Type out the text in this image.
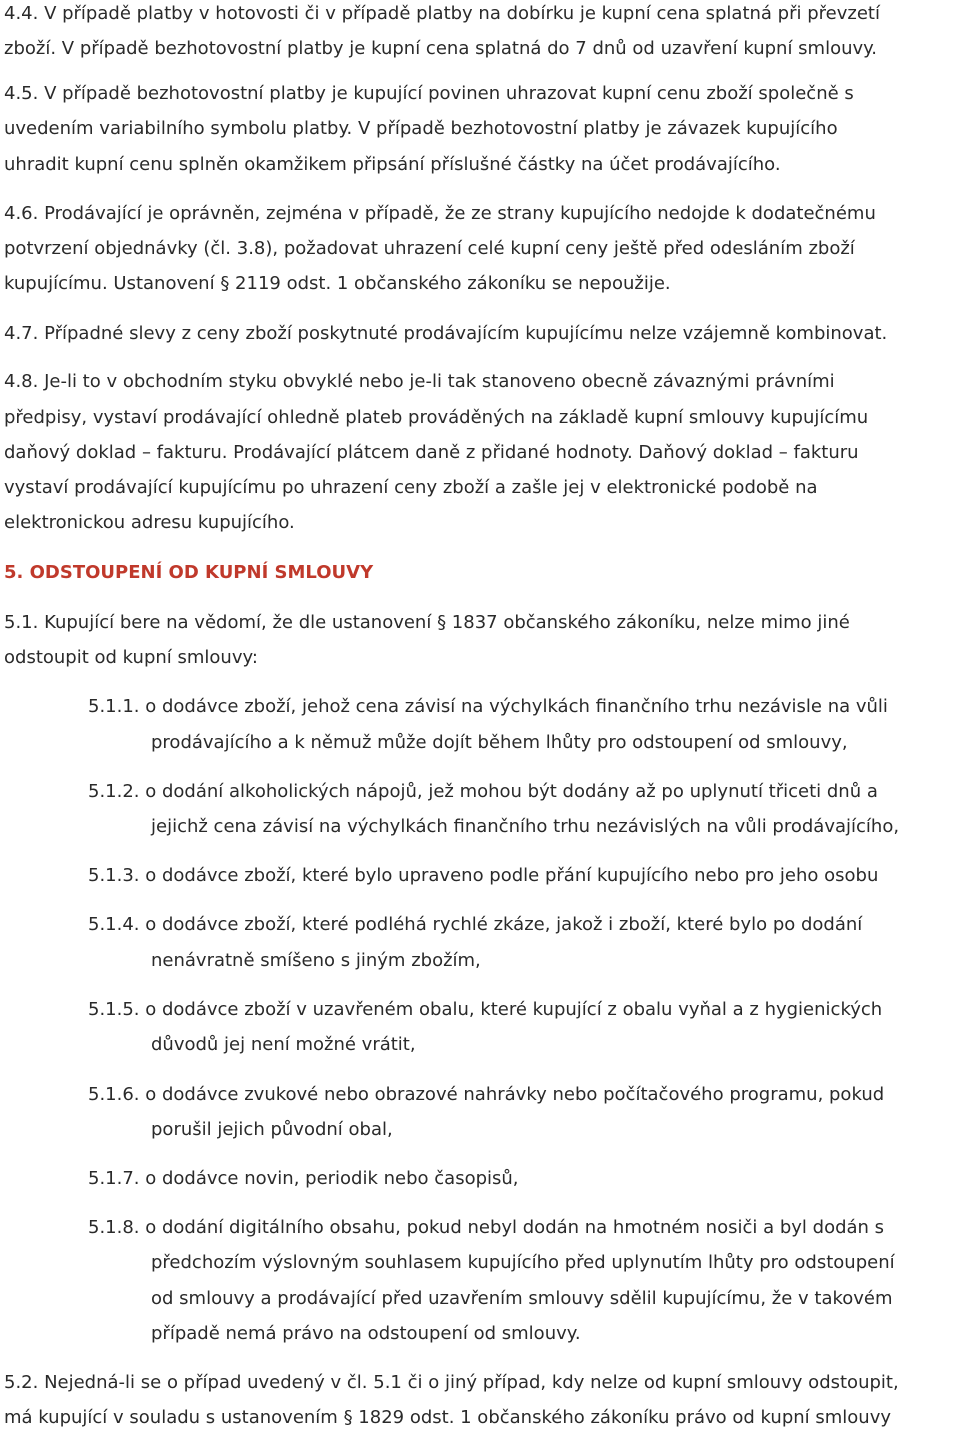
4.4. V případě platby v hotovosti či v případě platby na dobírku je kupní cena splatná při převzetí
zboží. V případě bezhotovostní platby je kupní cena splatná do 7 dnů od uzavření kupní smlouvy.
4.5. V případě bezhotovostní platby je kupující povinen uhrazovat kupní cenu zboží společně s
uvedením variabilního symbolu platby. V případě bezhotovostní platby je závazek kupujícího
uhradit kupní cenu splněn okamžikem připsání příslušné částky na účet prodávajícího.
4.6. Prodávající je oprávněn, zejména v případě, že ze strany kupujícího nedojde k dodatečnému
potvrzení objednávky (čl. 3.8), požadovat uhrazení celé kupní ceny ještě před odesláním zboží
kupujícímu. Ustanovení § 2119 odst. 1 občanského zákoníku se nepoužije.
4.7. Případné slevy z ceny zboží poskytnuté prodávajícím kupujícímu nelze vzájemně kombinovat.
4.8. Je-li to v obchodním styku obvyklé nebo je-li tak stanoveno obecně závaznými právními
předpisy, vystaví prodávající ohledně plateb prováděných na základě kupní smlouvy kupujícímu
daňový doklad – fakturu. Prodávající plátcem daně z přidané hodnoty. Daňový doklad – fakturu
vystaví prodávající kupujícímu po uhrazení ceny zboží a zašle jej v elektronické podobě na
elektronickou adresu kupujícího.
5. ODSTOUPENÍ OD KUPNÍ SMLOUVY
5.1. Kupující bere na vědomí, že dle ustanovení § 1837 občanského zákoníku, nelze mimo jiné
odstoupit od kupní smlouvy:
5.1.1. o dodávce zboží, jehož cena závisí na výchylkách finančního trhu nezávisle na vůli
prodávajícího a k němuž může dojít během lhůty pro odstoupení od smlouvy,
5.1.2. o dodání alkoholických nápojů, jež mohou být dodány až po uplynutí třiceti dnů a
jejichž cena závisí na výchylkách finančního trhu nezávislých na vůli prodávajícího,
5.1.3. o dodávce zboží, které bylo upraveno podle přání kupujícího nebo pro jeho osobu
5.1.4. o dodávce zboží, které podléhá rychlé zkáze, jakož i zboží, které bylo po dodání
nenávratně smíšeno s jiným zbožím,
5.1.5. o dodávce zboží v uzavřeném obalu, které kupující z obalu vyňal a z hygienických
důvodů jej není možné vrátit,
5.1.6. o dodávce zvukové nebo obrazové nahrávky nebo počítačového programu, pokud
porušil jejich původní obal,
5.1.7. o dodávce novin, periodik nebo časopisů,
5.1.8. o dodání digitálního obsahu, pokud nebyl dodán na hmotném nosiči a byl dodán s
předchozím výslovným souhlasem kupujícího před uplynutím lhůty pro odstoupení
od smlouvy a prodávající před uzavřením smlouvy sdělil kupujícímu, že v takovém
případě nemá právo na odstoupení od smlouvy.
5.2. Nejedná-li se o případ uvedený v čl. 5.1 či o jiný případ, kdy nelze od kupní smlouvy odstoupit,
má kupující v souladu s ustanovením § 1829 odst. 1 občanského zákoníku právo od kupní smlouvy
